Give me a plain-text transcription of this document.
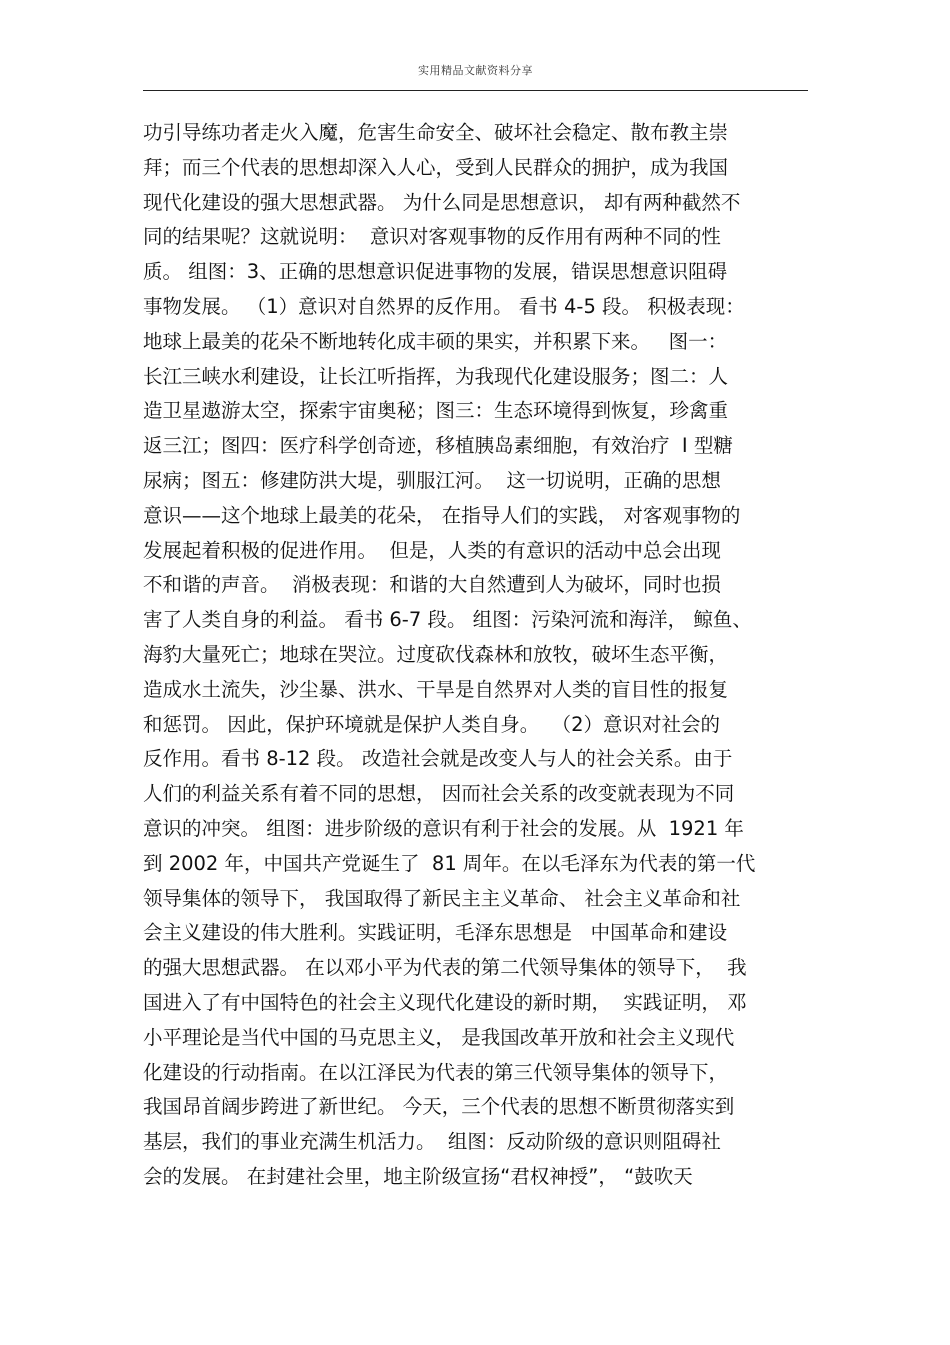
实用精品文献资料分享
功引导练功者走火入魔，危害生命安全、破坏社会稳定、散布教主崇
拜；而三个代表的思想却深入人心，受到人民群众的拥护，成为我国
现代化建设的强大思想武器。 为什么同是思想意识， 却有两种截然不
同的结果呢？这就说明：  意识对客观事物的反作用有两种不同的性
质。 组图：3、正确的思想意识促进事物的发展，错误思想意识阻碍
事物发展。 （1）意识对自然界的反作用。 看书 4-5 段。 积极表现：
地球上最美的花朵不断地转化成丰硕的果实，并积累下来。   图一：
长江三峡水利建设，让长江听指挥，为我现代化建设服务；图二：人
造卫星遨游太空，探索宇宙奥秘；图三：生态环境得到恢复，珍禽重
返三江；图四：医疗科学创奇迹，移植胰岛素细胞，有效治疗  I 型糖
尿病；图五：修建防洪大堤，驯服江河。  这一切说明，正确的思想
意识——这个地球上最美的花朵， 在指导人们的实践， 对客观事物的
发展起着积极的促进作用。  但是，人类的有意识的活动中总会出现
不和谐的声音。  消极表现：和谐的大自然遭到人为破坏，同时也损
害了人类自身的利益。 看书 6-7 段。 组图：污染河流和海洋， 鲸鱼、
海豹大量死亡；地球在哭泣。过度砍伐森林和放牧，破坏生态平衡，
造成水土流失，沙尘暴、洪水、干旱是自然界对人类的盲目性的报复
和惩罚。 因此，保护环境就是保护人类自身。  （2）意识对社会的
反作用。看书 8-12 段。 改造社会就是改变人与人的社会关系。由于
人们的利益关系有着不同的思想， 因而社会关系的改变就表现为不同
意识的冲突。 组图：进步阶级的意识有利于社会的发展。从  1921 年
到 2002 年，中国共产党诞生了  81 周年。在以毛泽东为代表的第一代
领导集体的领导下， 我国取得了新民主主义革命、 社会主义革命和社
会主义建设的伟大胜利。实践证明，毛泽东思想是   中国革命和建设
的强大思想武器。 在以邓小平为代表的第二代领导集体的领导下，  我
国进入了有中国特色的社会主义现代化建设的新时期，  实践证明， 邓
小平理论是当代中国的马克思主义， 是我国改革开放和社会主义现代
化建设的行动指南。在以江泽民为代表的第三代领导集体的领导下，
我国昂首阔步跨进了新世纪。 今天，三个代表的思想不断贯彻落实到
基层，我们的事业充满生机活力。  组图：反动阶级的意识则阻碍社
会的发展。 在封建社会里，地主阶级宣扬“君权神授”， “鼓吹天
